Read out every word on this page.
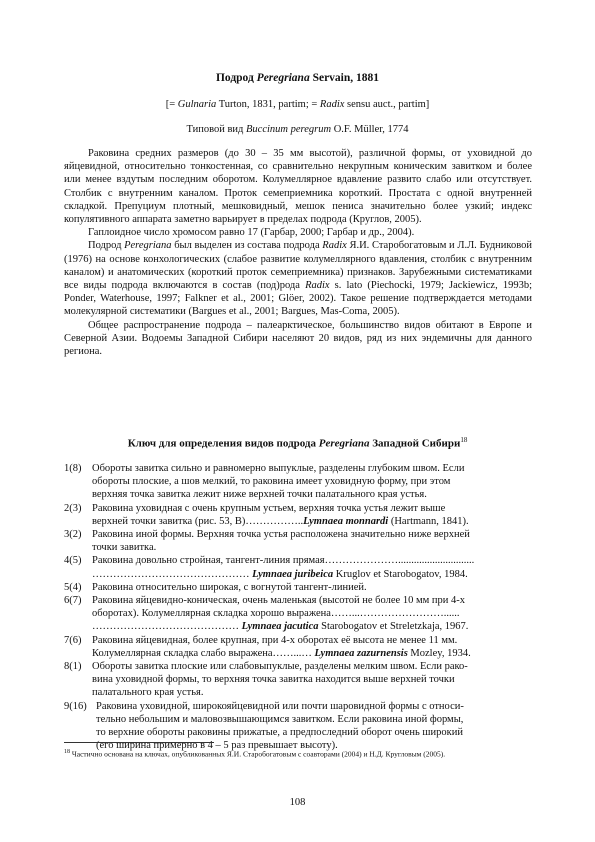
Подрод Peregriana Servain, 1881
[= Gulnaria Turton, 1831, partim; = Radix sensu auct., partim]
Типовой вид Buccinum peregrum O.F. Müller, 1774

Раковина средних размеров (до 30 – 35 мм высотой), различной формы, от уховидной до яйцевидной, относительно тонкостенная, со сравнительно некрупным коническим завитком и более или менее вздутым последним оборотом. Колумеллярное вдавление развито слабо или отсутствует. Столбик с внутренним каналом. Проток семеприемника короткий. Простата с одной внутренней складкой. Препуциум плотный, мешковидный, мешок пениса значительно более узкий; индекс копулятивного аппарата заметно варьирует в пределах подрода (Круглов, 2005).

Гаплоидное число хромосом равно 17 (Гарбар, 2000; Гарбар и др., 2004).

Подрод Peregriana был выделен из состава подрода Radix Я.И. Старобогатовым и Л.Л. Будниковой (1976) на основе конхологических (слабое развитие колумеллярного вдавления, столбик с внутренним каналом) и анатомических (короткий проток семеприемника) признаков. Зарубежными систематиками все виды подрода включаются в состав (под)рода Radix s. lato (Piechocki, 1979; Jackiewicz, 1993b; Ponder, Waterhouse, 1997; Falkner et al., 2001; Glöer, 2002). Такое решение подтверждается методами молекулярной систематики (Bargues et al., 2001; Bargues, Mas-Coma, 2005).

Общее распространение подрода – палеарктическое, большинство видов обитают в Европе и Северной Азии. Водоемы Западной Сибири населяют 20 видов, ряд из них эндемичны для данного региона.

Ключ для определения видов подрода Peregriana Западной Сибири$^{18}$
1(8)	Обороты завитка сильно и равномерно выпуклые, разделены глубоким швом. Если
обороты плоские, а шов мелкий, то раковина имеет уховидную форму, при этом
верхняя точка завитка лежит ниже верхней точки палатального края устья.
2(3)	Раковина уховидная с очень крупным устьем, верхняя точка устья лежит выше
верхней точки завитка (рис. 53, В)……………..Lymnaea monnardi (Hartmann, 1841).
3(2)	Раковина иной формы. Верхняя точка устья расположена значительно ниже верхней
точки завитка.
4(5)	Раковина довольно стройная, тангент-линия прямая………………….............................
……………………………………… Lymnaea juribeica Kruglov et Starobogatov, 1984.
5(4)	Раковина относительно широкая, с вогнутой тангент-линией.
6(7)	Раковина яйцевидно-коническая, очень маленькая (высотой не более 10 мм при 4-х
оборотах). Колумеллярная складка хорошо выражена……...……………………......
…………………………………… Lymnaea jacutica Starobogatov et Streletzkaja, 1967.
7(6)	Раковина яйцевидная, более крупная, при 4-х оборотах её высота не менее 11 мм.
Колумеллярная складка слабо выражена……...… Lymnaea zazurnensis Mozley, 1934.
8(1)	Обороты завитка плоские или слабовыпуклые, разделены мелким швом. Если рако-
вина уховидной формы, то верхняя точка завитка находится выше верхней точки
палатального края устья.
9(16) Раковина уховидной, широкояйцевидной или почти шаровидной формы с относи-
тельно небольшим и маловозвышающимся завитком. Если раковина иной формы,
то верхние обороты раковины прижатые, а предпоследний оборот очень широкий
(его ширина примерно в 4 – 5 раз превышает высоту).
$^{18}$ Частично основана на ключах, опубликованных Я.И. Старобогатовым с соавторами (2004) и Н.Д. Кругловым (2005).
108
